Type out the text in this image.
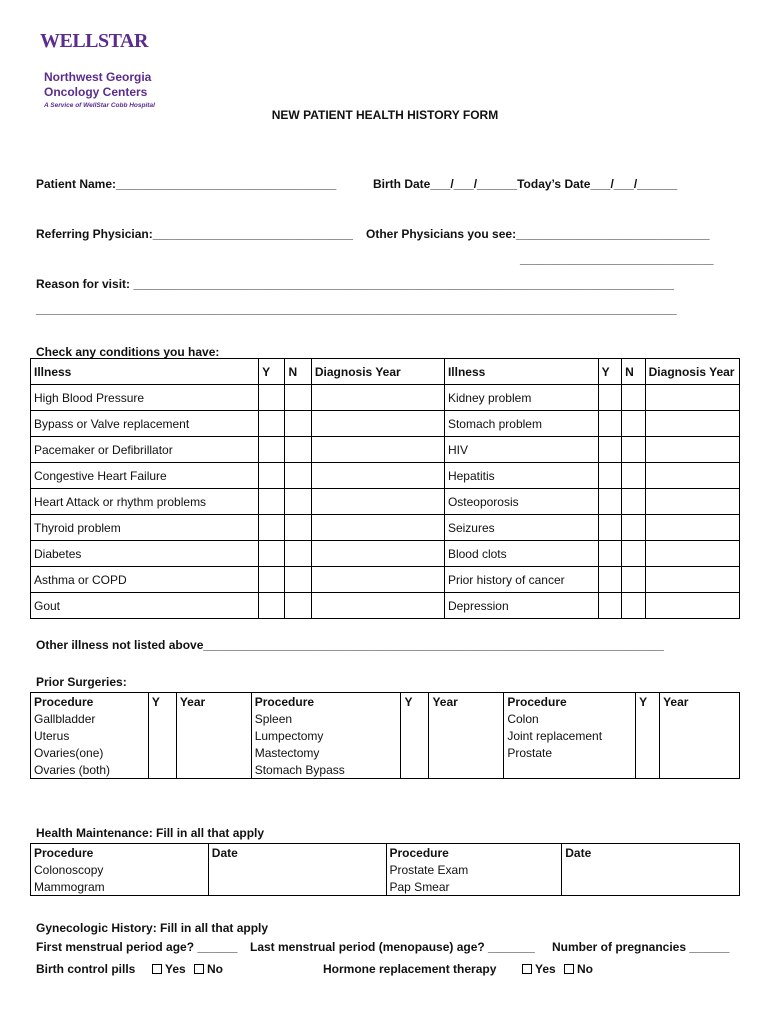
WELLSTAR
Northwest Georgia
Oncology Centers
A Service of WellStar Cobb Hospital
NEW PATIENT HEALTH HISTORY FORM
Patient Name:_________________________________	Birth Date___/___/______Today’s Date___/___/______
Referring Physician:______________________________ Other Physicians you see:_____________________________
_____________________________
Reason for visit: _________________________________________________________________________________
________________________________________________________________________________________________
Check any conditions you have:
Illness	Y	N	Diagnosis Year	Illness	Y	N	Diagnosis Year
High Blood Pressure				Kidney problem			
Bypass or Valve replacement				Stomach problem			
Pacemaker or Defibrillator				HIV			
Congestive Heart Failure				Hepatitis			
Heart Attack or rhythm problems				Osteoporosis			
Thyroid problem				Seizures			
Diabetes				Blood clots			
Asthma or COPD				Prior history of cancer			
Gout				Depression			
Other illness not listed above_____________________________________________________________________
Prior Surgeries:
Procedure	Y	Year	Procedure	Y	Year	Procedure	Y	Year
Gallbladder			Spleen			Colon		
Uterus			Lumpectomy			Joint replacement		
Ovaries(one)			Mastectomy			Prostate		
Ovaries (both)			Stomach Bypass					
Health Maintenance: Fill in all that apply
Procedure	Date	Procedure	Date
Colonoscopy		Prostate Exam	
Mammogram		Pap Smear	
Gynecologic History: Fill in all that apply
First menstrual period age? ______ Last menstrual period (menopause) age? _______ Number of pregnancies ______
Birth control pills	Yes	No	Hormone replacement therapy	Yes	No
